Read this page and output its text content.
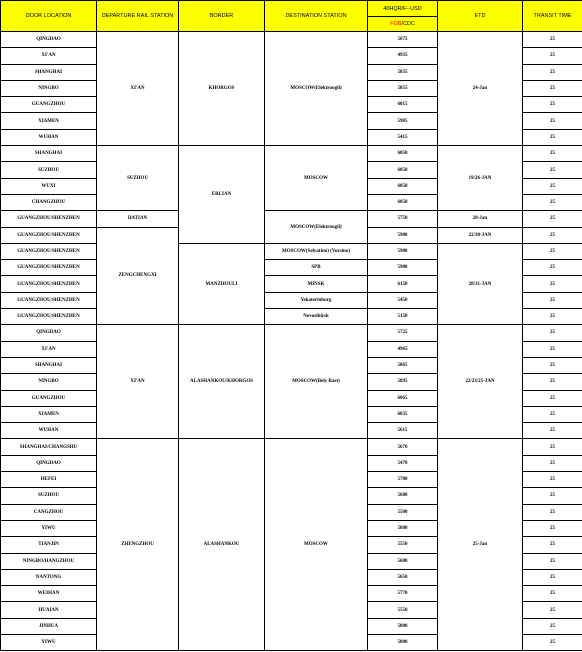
DOOR LOCATION	DEPARTURE RAIL STATION	BORDER	DESTINATION STATION	40HQR/F--USD	ETD	TRANSIT TIME
				FOB/CDC		
QINGDAO	XI'AN	KHORGOS	MOSCOW(Elektrougli)	5675	24-Jan	25
XI'AN				4935		25
SHANGHAI				5835		25
NINGBO				5855		25
GUANGZHOU				6015		25
XIAMEN				5985		25
WUHAN				5415		25
SHANGHAI	SUZHOU	ERLIAN	MOSCOW	6050	19/26-JAN	25
SUZHOU				6050		25
WUXI				6050		25
CHANGZHOU				6050		25
GUANGZHOU/SHENZHEN	DATIAN		MOSCOW(Elektrougli)	5750	28-Jan	25
GUANGZHOU/SHENZHEN	ZENGCHENGXI			5900	22/30-JAN	25
GUANGZHOU/SHENZHEN		MANZHOULI	MOSCOW(Selyatino) (Vorsino)	5900	28/31-JAN	25
GUANGZHOU/SHENZHEN			SPB	5900		25
GUANGZHOU/SHENZHEN			MINSK	6150		25
GUANGZHOU/SHENZHEN			Yekaterinburg	5450		25
GUANGZHOU/SHENZHEN			Novosibirsk	5150		25
QINGDAO	XI'AN	ALASHANKOU/KHORGOS	MOSCOW(Bely Rast)	5725	22/23/25-JAN	25
XI'AN				4965		25
SHANGHAI				5865		25
NINGBO				5895		25
GUANGZHOU				6065		25
XIAMEN				6035		25
WUHAN				5615		25
SHANGHAI/CHANGSHU	ZHENGZHOU	ALASHANKOU	MOSCOW	5670	25-Jan	25
QINGDAO				5470		25
HEFEI				5700		25
SUZHOU				5680		25
CANGZHOU				5500		25
YIWU				5800		25
TIANJIN				5550		25
NINGBO/HANGZHOU				5680		25
NANTONG				5650		25
WEIHAN				5770		25
HUAIAN				5550		25
JINHUA				5800		25
YIWU				5800		25
